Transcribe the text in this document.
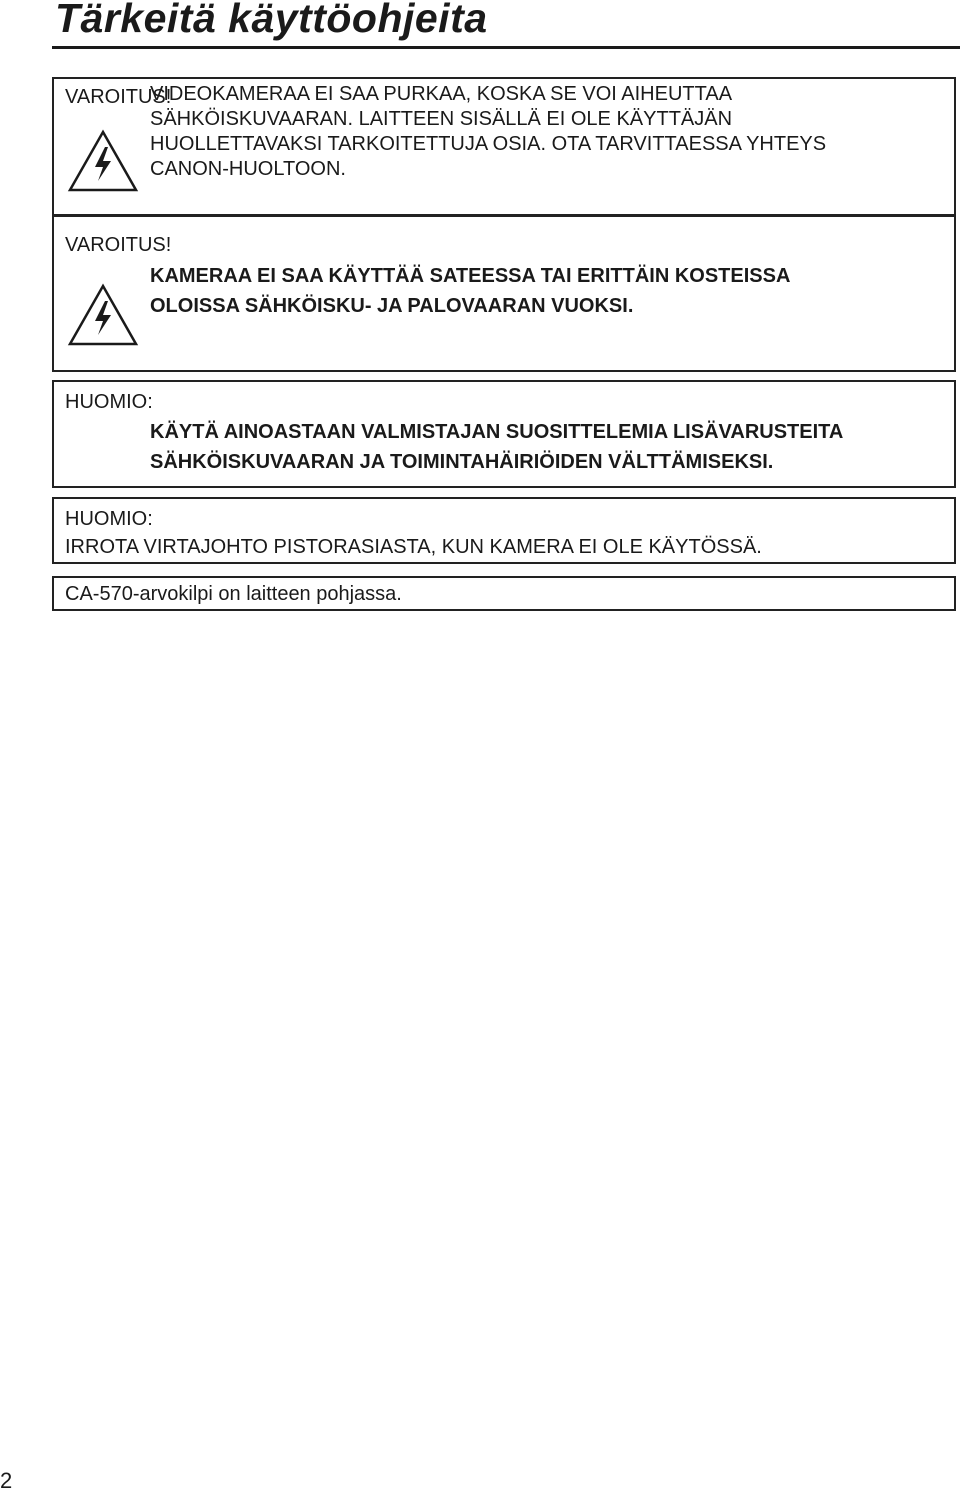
Tärkeitä käyttöohjeita
VAROITUS!
VIDEOKAMERAA EI SAA PURKAA, KOSKA SE VOI AIHEUTTAA
SÄHKÖISKUVAARAN. LAITTEEN SISÄLLÄ EI OLE KÄYTTÄJÄN
HUOLLETTAVAKSI TARKOITETTUJA OSIA. OTA TARVITTAESSA YHTEYS
CANON-HUOLTOON.
VAROITUS!
KAMERAA EI SAA KÄYTTÄÄ SATEESSA TAI ERITTÄIN KOSTEISSA
OLOISSA SÄHKÖISKU- JA PALOVAARAN VUOKSI.
HUOMIO:
KÄYTÄ AINOASTAAN VALMISTAJAN SUOSITTELEMIA LISÄVARUSTEITA
SÄHKÖISKUVAARAN JA TOIMINTAHÄIRIÖIDEN VÄLTTÄMISEKSI.
HUOMIO:
IRROTA VIRTAJOHTO PISTORASIASTA, KUN KAMERA EI OLE KÄYTÖSSÄ.
CA-570-arvokilpi on laitteen pohjassa.
2
